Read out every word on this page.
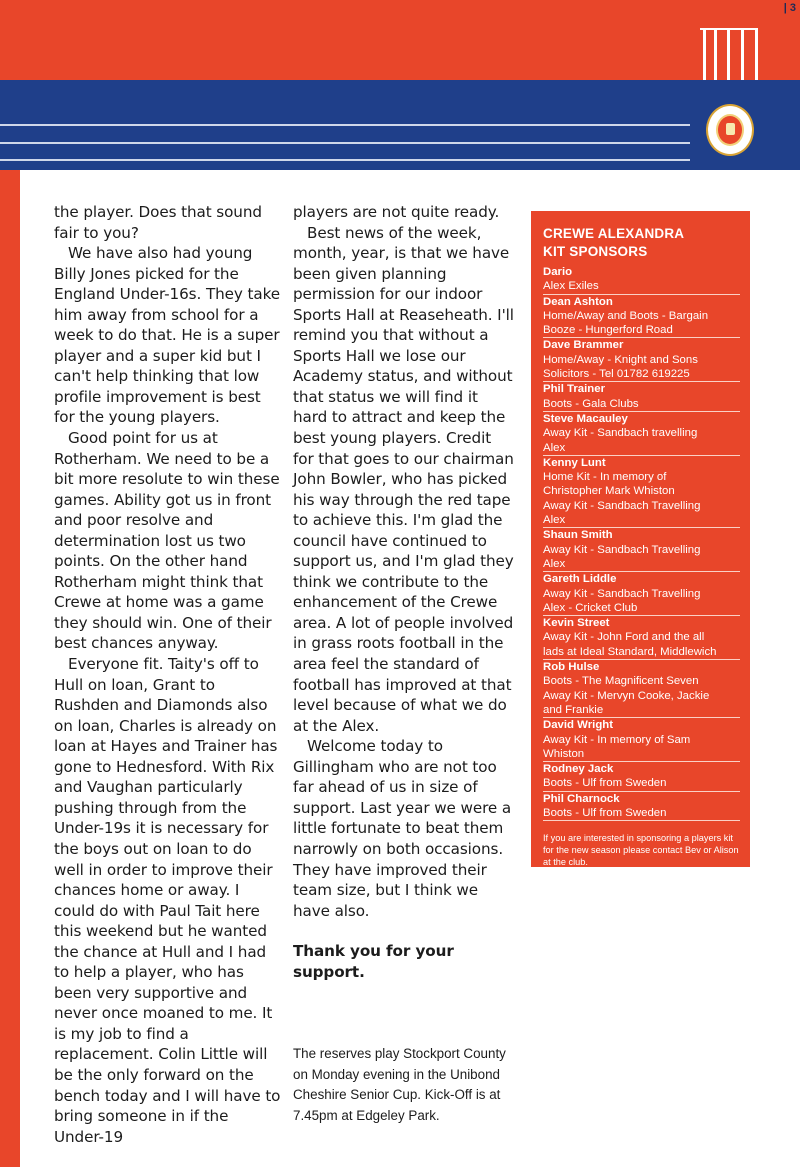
| 3

the player. Does that sound fair to you?

We have also had young Billy Jones picked for the England Under-16s. They take him away from school for a week to do that. He is a super player and a super kid but I can't help thinking that low profile improvement is best for the young players.

Good point for us at Rotherham. We need to be a bit more resolute to win these games. Ability got us in front and poor resolve and determination lost us two points. On the other hand Rotherham might think that Crewe at home was a game they should win. One of their best chances anyway.

Everyone fit. Taity's off to Hull on loan, Grant to Rushden and Diamonds also on loan, Charles is already on loan at Hayes and Trainer has gone to Hednesford. With Rix and Vaughan particularly pushing through from the Under-19s it is necessary for the boys out on loan to do well in order to improve their chances home or away. I could do with Paul Tait here this weekend but he wanted the chance at Hull and I had to help a player, who has been very supportive and never once moaned to me. It is my job to find a replacement. Colin Little will be the only forward on the bench today and I will have to bring someone in if the Under-19

players are not quite ready.

Best news of the week, month, year, is that we have been given planning permission for our indoor Sports Hall at Reaseheath. I'll remind you that without a Sports Hall we lose our Academy status, and without that status we will find it hard to attract and keep the best young players. Credit for that goes to our chairman John Bowler, who has picked his way through the red tape to achieve this. I'm glad the council have continued to support us, and I'm glad they think we contribute to the enhancement of the Crewe area. A lot of people involved in grass roots football in the area feel the standard of football has improved at that level because of what we do at the Alex.

Welcome today to Gillingham who are not too far ahead of us in size of support. Last year we were a little fortunate to beat them narrowly on both occasions. They have improved their team size, but I think we have also.

Thank you for your support.

The reserves play Stockport County on Monday evening in the Unibond Cheshire Senior Cup. Kick-Off is at 7.45pm at Edgeley Park.
CREWE ALEXANDRA
KIT SPONSORS
Dario
Alex Exiles
Dean Ashton
Home/Away and Boots - Bargain
Booze - Hungerford Road
Dave Brammer
Home/Away - Knight and Sons
Solicitors - Tel 01782 619225
Phil Trainer
Boots - Gala Clubs
Steve Macauley
Away Kit - Sandbach travelling
Alex
Kenny Lunt
Home Kit - In memory of
Christopher Mark Whiston
Away Kit - Sandbach Travelling
Alex
Shaun Smith
Away Kit - Sandbach Travelling
Alex
Gareth Liddle
Away Kit - Sandbach Travelling
Alex - Cricket Club
Kevin Street
Away Kit - John Ford and the all
lads at Ideal Standard, Middlewich
Rob Hulse
Boots - The Magnificent Seven
Away Kit - Mervyn Cooke, Jackie
and Frankie
David Wright
Away Kit - In memory of Sam
Whiston
Rodney Jack
Boots - Ulf from Sweden
Phil Charnock
Boots - Ulf from Sweden
If you are interested in sponsoring a players kit for the new season please contact Bev or Alison at the club.
